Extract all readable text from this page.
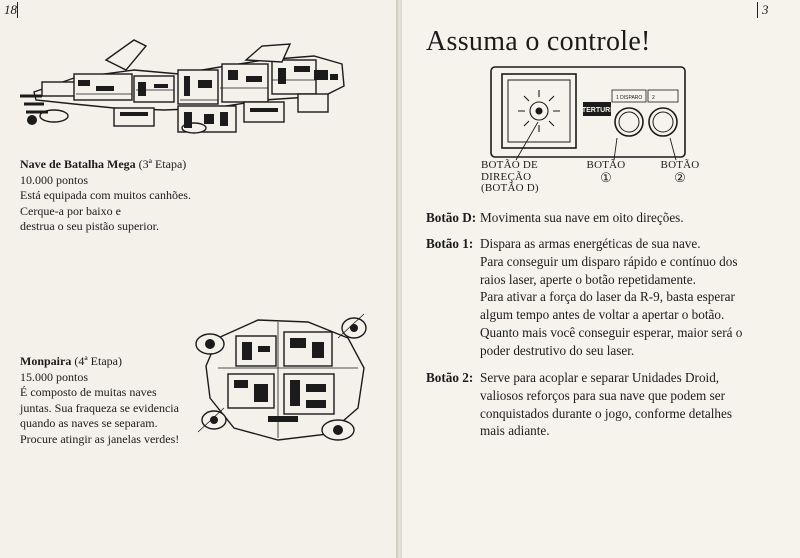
18
Nave de Batalha Mega (3ª Etapa)
10.000 pontos
Está equipada com muitos canhões.
Cerque-a por baixo e
destrua o seu pistão superior.
Monpaira (4ª Etapa)
15.000 pontos
É composto de muitas naves
juntas. Sua fraqueza se evidencia
quando as naves se separam.
Procure atingir as janelas verdes!
3
Assuma o controle!
TERTURI
1 DISPARO 2
BOTÃO DE
DIREÇÃO
(BOTÃO D)
BOTÃO
①
BOTÃO
②
Botão D: Movimenta sua nave em oito direções.
Botão 1: Dispara as armas energéticas de sua nave.
Para conseguir um disparo rápido e contínuo dos
raios laser, aperte o botão repetidamente.
Para ativar a força do laser da R-9, basta esperar
algum tempo antes de voltar a apertar o botão.
Quanto mais você conseguir esperar, maior será o
poder destrutivo do seu laser.
Botão 2: Serve para acoplar e separar Unidades Droid,
valiosos reforços para sua nave que podem ser
conquistados durante o jogo, conforme detalhes
mais adiante.
